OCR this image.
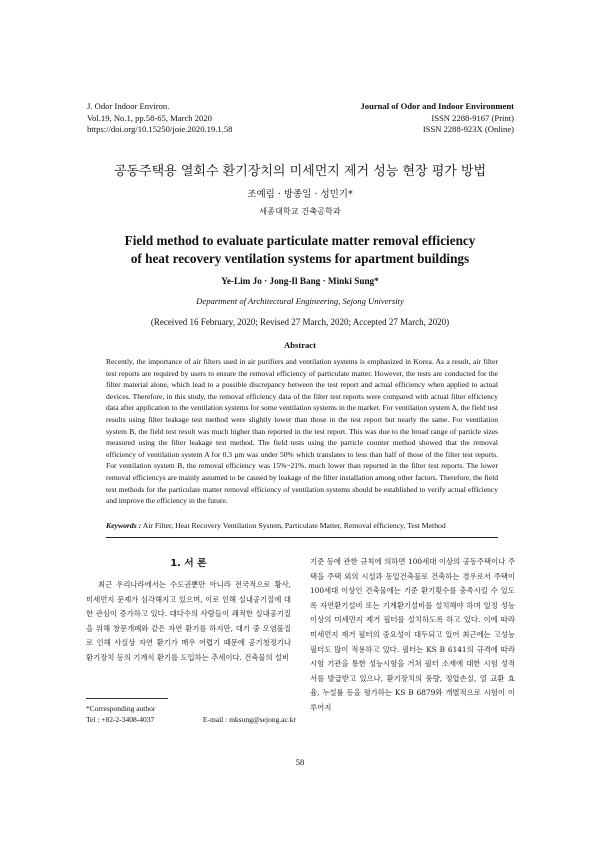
J. Odor Indoor Environ.
Vol.19, No.1, pp.58-65, March 2020
https://doi.org/10.15250/joie.2020.19.1.58
Journal of Odor and Indoor Environment
ISSN 2288-9167 (Print)
ISSN 2288-923X (Online)
공동주택용 열회수 환기장치의 미세먼지 제거 성능 현장 평가 방법
조예림 · 방종일 · 성민기*
세종대학교 건축공학과
Field method to evaluate particulate matter removal efficiency
of heat recovery ventilation systems for apartment buildings
Ye-Lim Jo · Jong-Il Bang · Minki Sung*
Department of Architectural Engineering, Sejong University
(Received 16 February, 2020; Revised 27 March, 2020; Accepted 27 March, 2020)
Abstract

Recently, the importance of air filters used in air purifiers and ventilation systems is emphasized in Korea. As a result, air filter test reports are required by users to ensure the removal efficiency of particulate matter. However, the tests are conducted for the filter material alone, which lead to a possible discrepancy between the test report and actual efficiency when applied to actual devices. Therefore, in this study, the removal efficiency data of the filter test reports were compared with actual filter efficiency data after application to the ventilation systems for some ventilation systems in the market. For ventilation system A, the field test results using filter leakage test method were slightly lower than those in the test report but nearly the same. For ventilation system B, the field test result was much higher than reported in the test report. This was due to the broad range of particle sizes measured using the filter leakage test method. The field tests using the particle counter method showed that the removal efficiency of ventilation system A for 0.3 μm was under 50% which translates to less than half of those of the filter test reports. For ventilation system B, the removal efficiency was 15%~21%. much lower than reported in the filter test reports. The lower removal efficiencys are mainly assumed to be caused by leakage of the filter installation among other factors. Therefore, the field test methods for the particulate matter removal efficiency of ventilation systems should be established to verify actual efficiency and improve the efficiency in the future.

Keywords : Air Filter, Heat Recovery Ventilation System, Particulate Matter, Removal efficiency, Test Method
1. 서 론

최근 우리나라에서는 수도권뿐만 아니라 전국적으로 황사, 미세먼지 문제가 심각해지고 있으며, 이로 인해 실내공기질에 대한 관심이 증가하고 있다. 대다수의 사람들이 쾌적한 실내공기질을 위해 창문개폐와 같은 자연 환기를 하지만, 대기 중 오염물질로 인해 사실상 자연 환기가 매우 어렵기 때문에 공기청정기나 환기장치 등의 기계식 환기를 도입하는 추세이다. 건축물의 설비

기준 등에 관한 규칙에 의하면 100세대 이상의 공동주택이나 주택을 주택 외의 시설과 동일건축물로 건축하는 경우로서 주택이 100세대 이상인 건축물에는 기준 환기횟수를 충족시킬 수 있도록 자연환기설비 또는 기계환기설비를 설치해야 하며 일정 성능 이상의 미세먼지 제거 필터를 설치하도록 하고 있다. 이에 따라 미세먼지 제거 필터의 중요성이 대두되고 있어 최근에는 고성능 필터도 많이 적용하고 있다. 필터는 KS B 6141의 규격에 따라 시험 기관을 통한 성능시험을 거쳐 필터 소재에 대한 시험 성적서를 발급받고 있으나, 환기장치의 풍량, 정압손실, 열 교환 효율, 누설률 등을 평가하는 KS B 6879와 개별적으로 시험이 이루어지

*Corresponding author
Tel : +82-2-3408-4037	E-mail : mksung@sejong.ac.kr
58
